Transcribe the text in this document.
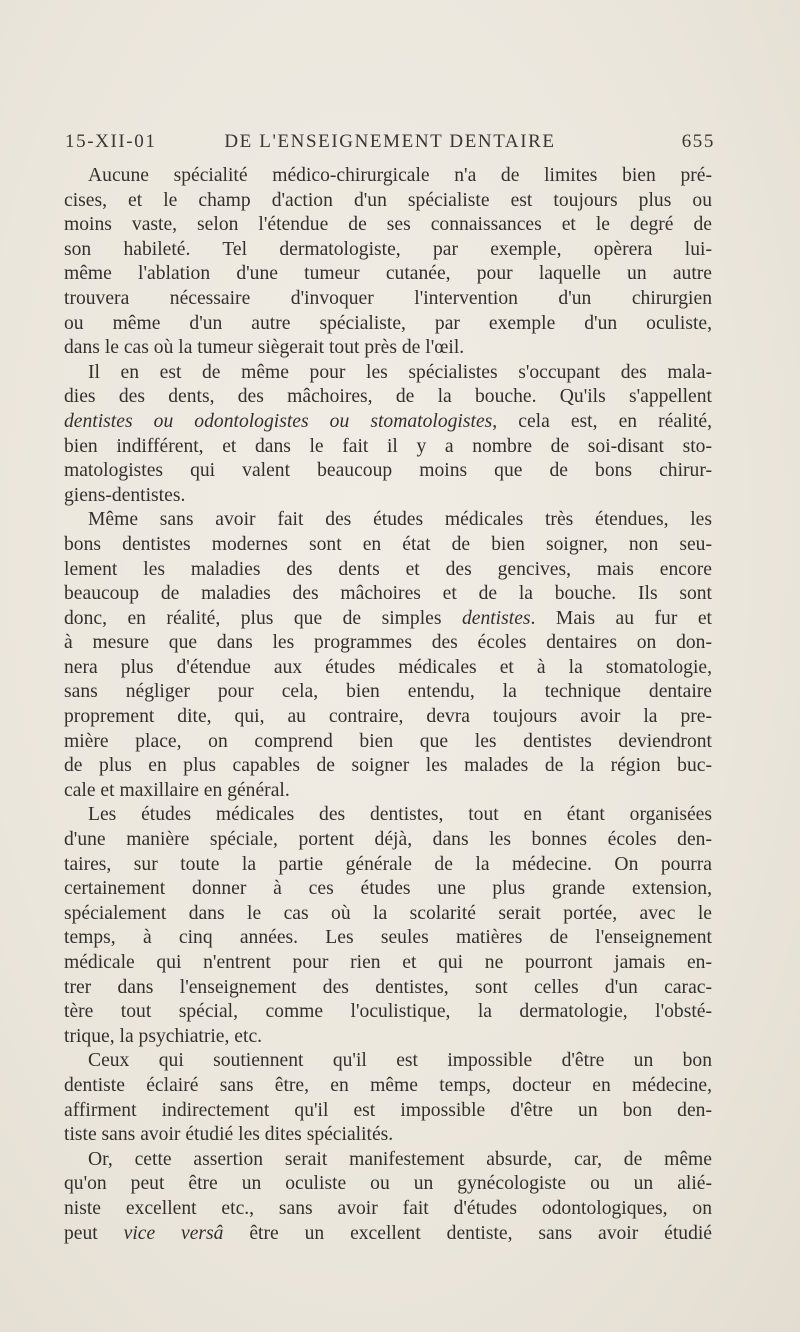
15-XII-01	DE L'ENSEIGNEMENT DENTAIRE	655
Aucune spécialité médico-chirurgicale n'a de limites bien pré-
cises, et le champ d'action d'un spécialiste est toujours plus ou
moins vaste, selon l'étendue de ses connaissances et le degré de
son habileté. Tel dermatologiste, par exemple, opèrera lui-
même l'ablation d'une tumeur cutanée, pour laquelle un autre
trouvera nécessaire d'invoquer l'intervention d'un chirurgien
ou même d'un autre spécialiste, par exemple d'un oculiste,
dans le cas où la tumeur siègerait tout près de l'œil.
Il en est de même pour les spécialistes s'occupant des mala-
dies des dents, des mâchoires, de la bouche. Qu'ils s'appellent
dentistes ou odontologistes ou stomatologistes, cela est, en réalité,
bien indifférent, et dans le fait il y a nombre de soi-disant sto-
matologistes qui valent beaucoup moins que de bons chirur-
giens-dentistes.
Même sans avoir fait des études médicales très étendues, les
bons dentistes modernes sont en état de bien soigner, non seu-
lement les maladies des dents et des gencives, mais encore
beaucoup de maladies des mâchoires et de la bouche. Ils sont
donc, en réalité, plus que de simples dentistes. Mais au fur et
à mesure que dans les programmes des écoles dentaires on don-
nera plus d'étendue aux études médicales et à la stomatologie,
sans négliger pour cela, bien entendu, la technique dentaire
proprement dite, qui, au contraire, devra toujours avoir la pre-
mière place, on comprend bien que les dentistes deviendront
de plus en plus capables de soigner les malades de la région buc-
cale et maxillaire en général.
Les études médicales des dentistes, tout en étant organisées
d'une manière spéciale, portent déjà, dans les bonnes écoles den-
taires, sur toute la partie générale de la médecine. On pourra
certainement donner à ces études une plus grande extension,
spécialement dans le cas où la scolarité serait portée, avec le
temps, à cinq années. Les seules matières de l'enseignement
médicale qui n'entrent pour rien et qui ne pourront jamais en-
trer dans l'enseignement des dentistes, sont celles d'un carac-
tère tout spécial, comme l'oculistique, la dermatologie, l'obsté-
trique, la psychiatrie, etc.
Ceux qui soutiennent qu'il est impossible d'être un bon
dentiste éclairé sans être, en même temps, docteur en médecine,
affirment indirectement qu'il est impossible d'être un bon den-
tiste sans avoir étudié les dites spécialités.
Or, cette assertion serait manifestement absurde, car, de même
qu'on peut être un oculiste ou un gynécologiste ou un alié-
niste excellent etc., sans avoir fait d'études odontologiques, on
peut vice versâ être un excellent dentiste, sans avoir étudié
